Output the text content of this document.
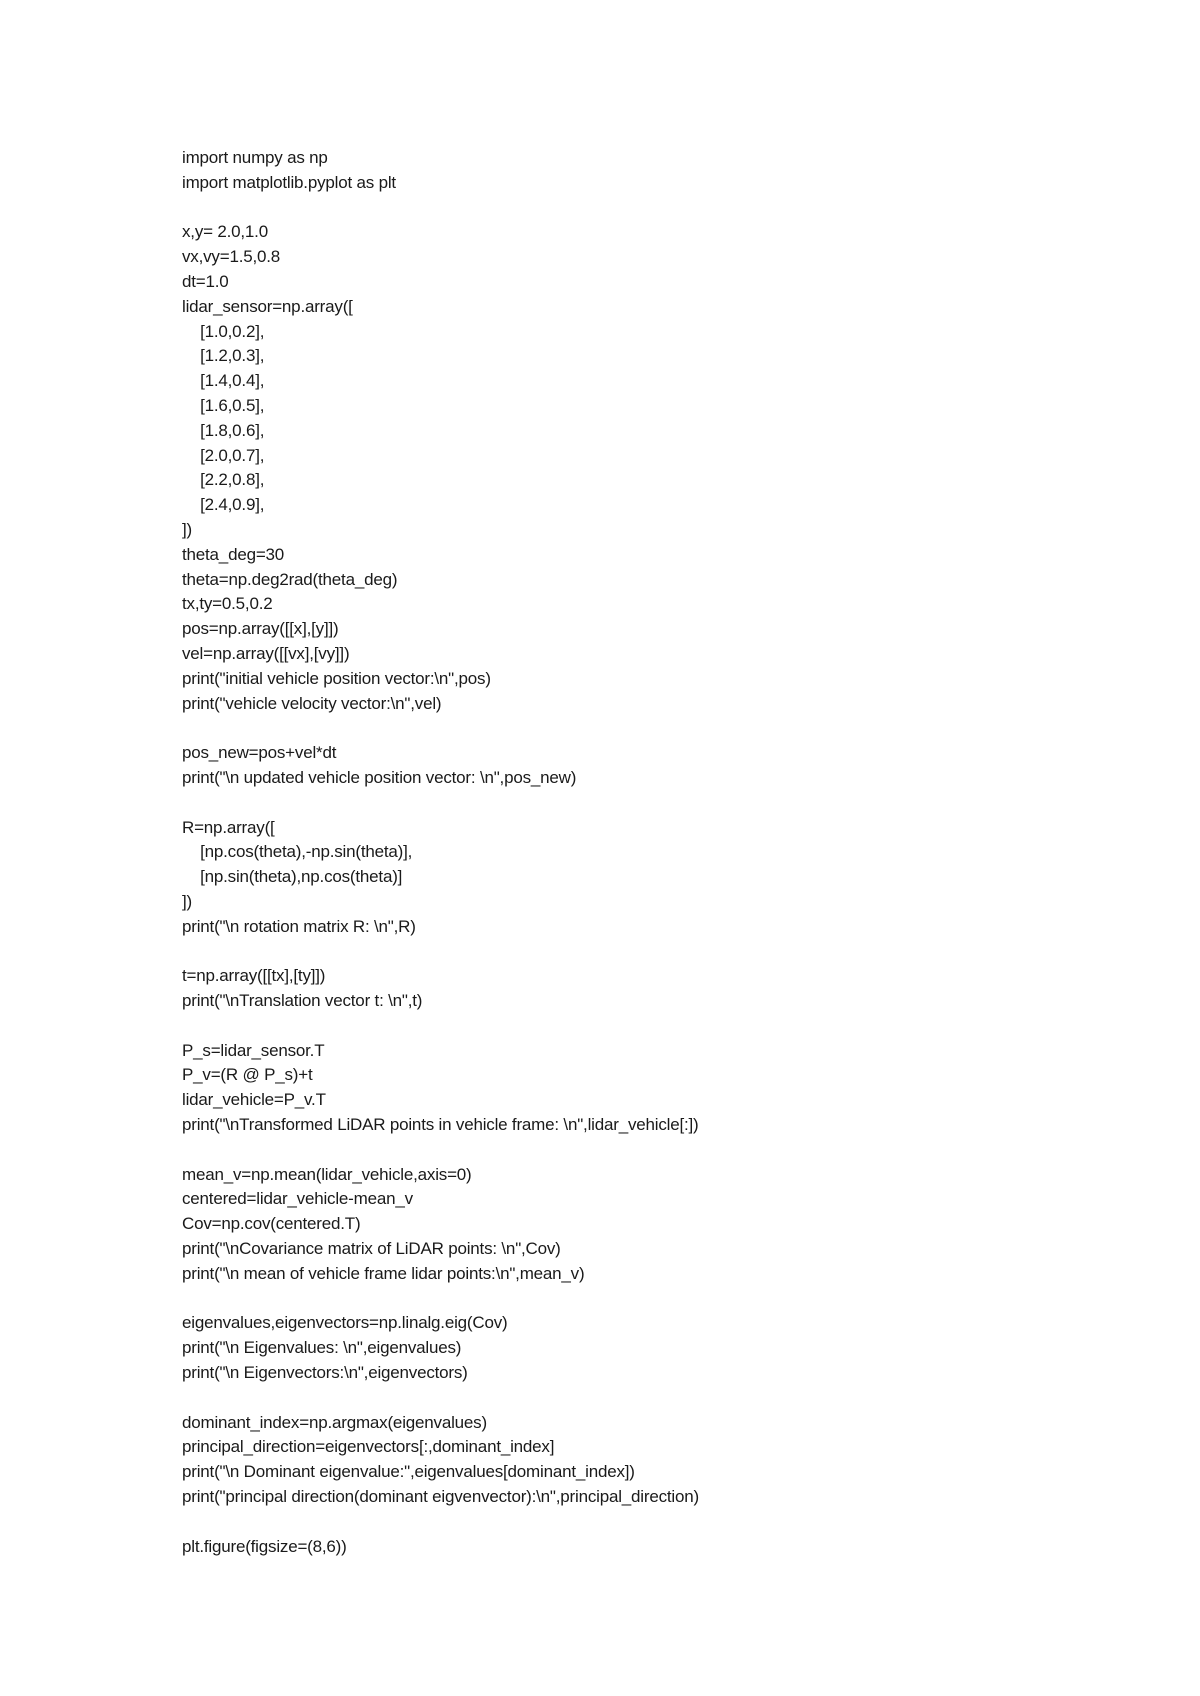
import numpy as np
import matplotlib.pyplot as plt
x,y= 2.0,1.0
vx,vy=1.5,0.8
dt=1.0
lidar_sensor=np.array([
[1.0,0.2],
[1.2,0.3],
[1.4,0.4],
[1.6,0.5],
[1.8,0.6],
[2.0,0.7],
[2.2,0.8],
[2.4,0.9],
])
theta_deg=30
theta=np.deg2rad(theta_deg)
tx,ty=0.5,0.2
pos=np.array([[x],[y]])
vel=np.array([[vx],[vy]])
print("initial vehicle position vector:\n",pos)
print("vehicle velocity vector:\n",vel)
pos_new=pos+vel*dt
print("\n updated vehicle position vector: \n",pos_new)
R=np.array([
[np.cos(theta),-np.sin(theta)],
[np.sin(theta),np.cos(theta)]
])
print("\n rotation matrix R: \n",R)
t=np.array([[tx],[ty]])
print("\nTranslation vector t: \n",t)
P_s=lidar_sensor.T
P_v=(R @ P_s)+t
lidar_vehicle=P_v.T
print("\nTransformed LiDAR points in vehicle frame: \n",lidar_vehicle[:])
mean_v=np.mean(lidar_vehicle,axis=0)
centered=lidar_vehicle-mean_v
Cov=np.cov(centered.T)
print("\nCovariance matrix of LiDAR points: \n",Cov)
print("\n mean of vehicle frame lidar points:\n",mean_v)
eigenvalues,eigenvectors=np.linalg.eig(Cov)
print("\n Eigenvalues: \n",eigenvalues)
print("\n Eigenvectors:\n",eigenvectors)
dominant_index=np.argmax(eigenvalues)
principal_direction=eigenvectors[:,dominant_index]
print("\n Dominant eigenvalue:",eigenvalues[dominant_index])
print("principal direction(dominant eigvenvector):\n",principal_direction)
plt.figure(figsize=(8,6))
